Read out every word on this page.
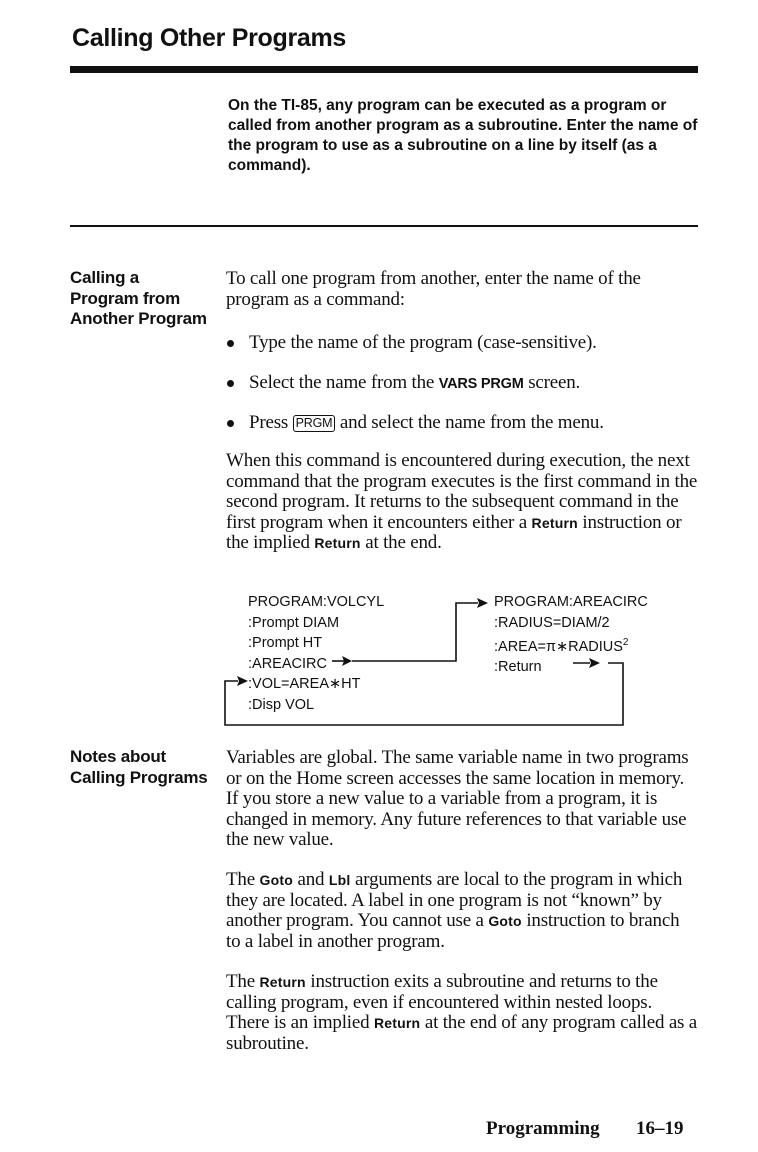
Calling Other Programs

On the TI-85, any program can be executed as a program or called from another program as a subroutine. Enter the name of the program to use as a subroutine on a line by itself (as a command).

Calling a
Program from
Another Program

To call one program from another, enter the name of the program as a command:

Type the name of the program (case-sensitive).
Select the name from the VARS PRGM screen.
Press PRGM and select the name from the menu.

When this command is encountered during execution, the next command that the program executes is the first command in the second program. It returns to the subsequent command in the first program when it encounters either a Return instruction or the implied Return at the end.

PROGRAM:VOLCYL
:Prompt DIAM
:Prompt HT
:AREACIRC
:VOL=AREA∗HT
:Disp VOL
PROGRAM:AREACIRC
:RADIUS=DIAM/2
$:AREA=\pi∗RADIUS^2$
:Return
Notes about
Calling Programs

Variables are global. The same variable name in two programs or on the Home screen accesses the same location in memory. If you store a new value to a variable from a program, it is changed in memory. Any future references to that variable use the new value.

The Goto and Lbl arguments are local to the program in which they are located. A label in one program is not “known” by another program. You cannot use a Goto instruction to branch to a label in another program.

The Return instruction exits a subroutine and returns to the calling program, even if encountered within nested loops. There is an implied Return at the end of any program called as a subroutine.

Programming 16–19
